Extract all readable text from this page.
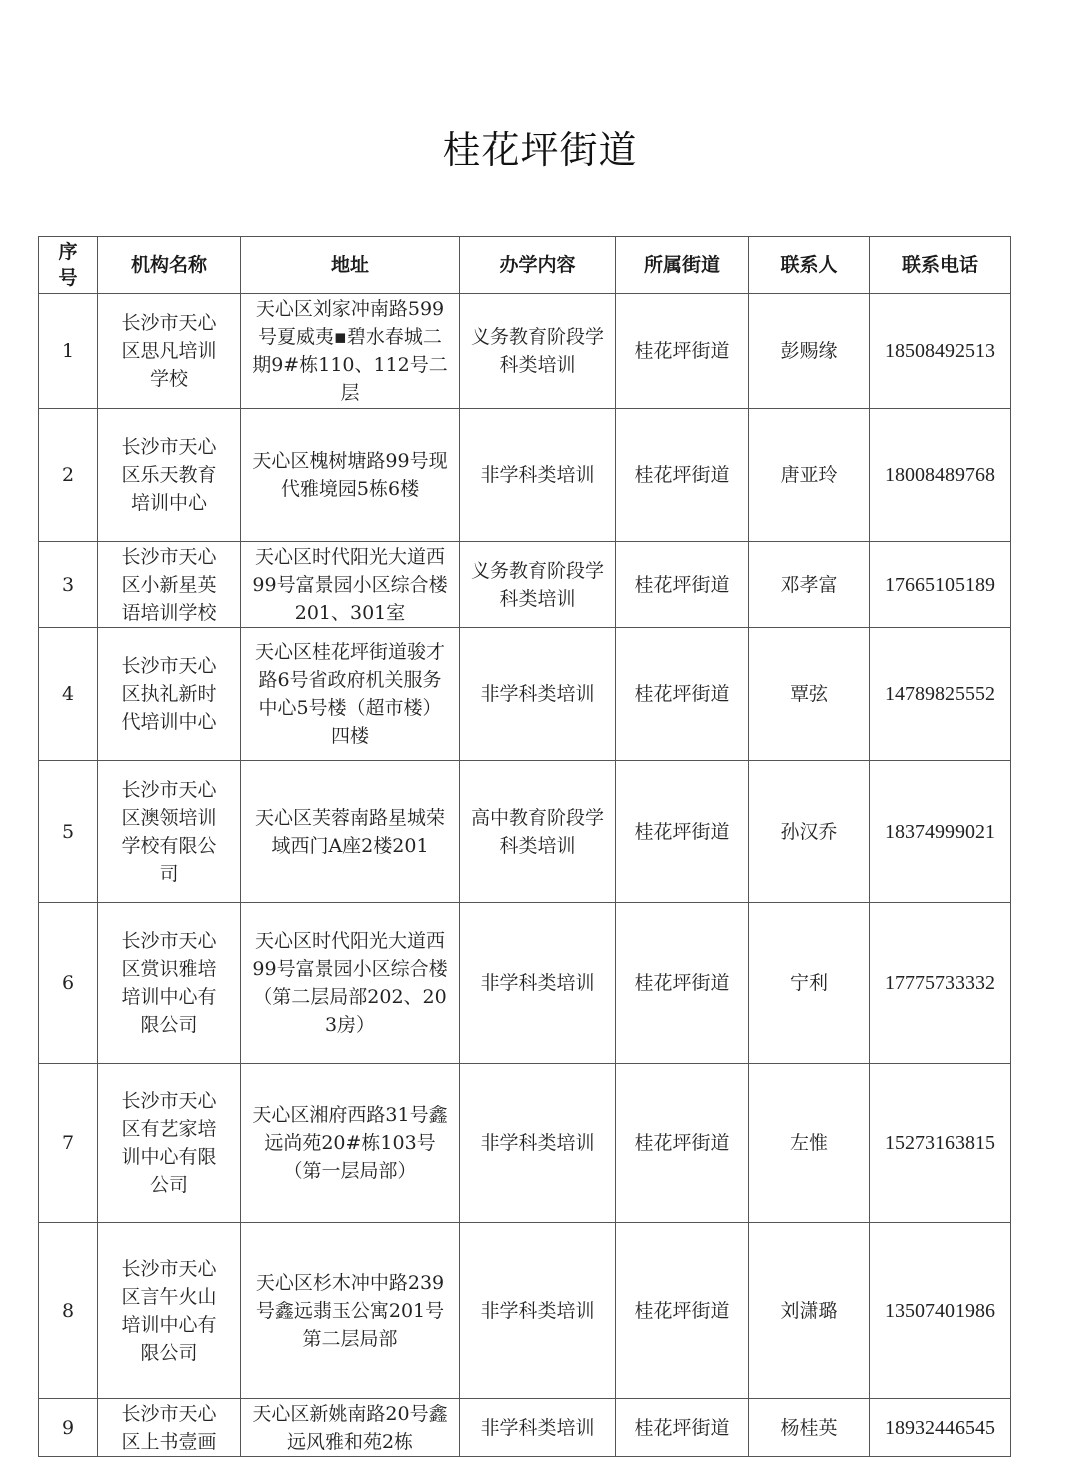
桂花坪街道
序号	机构名称	地址	办学内容	所属街道	联系人	联系电话
1	长沙市天心区思凡培训学校	天心区刘家冲南路599号夏威夷▪碧水春城二期9#栋110、112号二层	义务教育阶段学科类培训	桂花坪街道	彭赐缘	18508492513
2	长沙市天心区乐天教育培训中心	天心区槐树塘路99号现代雅境园5栋6楼	非学科类培训	桂花坪街道	唐亚玲	18008489768
3	长沙市天心区小新星英语培训学校	天心区时代阳光大道西99号富景园小区综合楼201、301室	义务教育阶段学科类培训	桂花坪街道	邓孝富	17665105189
4	长沙市天心区执礼新时代培训中心	天心区桂花坪街道骏才路6号省政府机关服务中心5号楼（超市楼）四楼	非学科类培训	桂花坪街道	覃弦	14789825552
5	长沙市天心区澳领培训学校有限公司	天心区芙蓉南路星城荣域西门A座2楼201	高中教育阶段学科类培训	桂花坪街道	孙汉乔	18374999021
6	长沙市天心区赏识雅培培训中心有限公司	天心区时代阳光大道西99号富景园小区综合楼（第二层局部202、203房）	非学科类培训	桂花坪街道	宁利	17775733332
7	长沙市天心区有艺家培训中心有限公司	天心区湘府西路31号鑫远尚苑20#栋103号（第一层局部）	非学科类培训	桂花坪街道	左惟	15273163815
8	长沙市天心区言午火山培训中心有限公司	天心区杉木冲中路239号鑫远翡玉公寓201号第二层局部	非学科类培训	桂花坪街道	刘潇璐	13507401986
9	长沙市天心区上书壹画	天心区新姚南路20号鑫远风雅和苑2栋	非学科类培训	桂花坪街道	杨桂英	18932446545
